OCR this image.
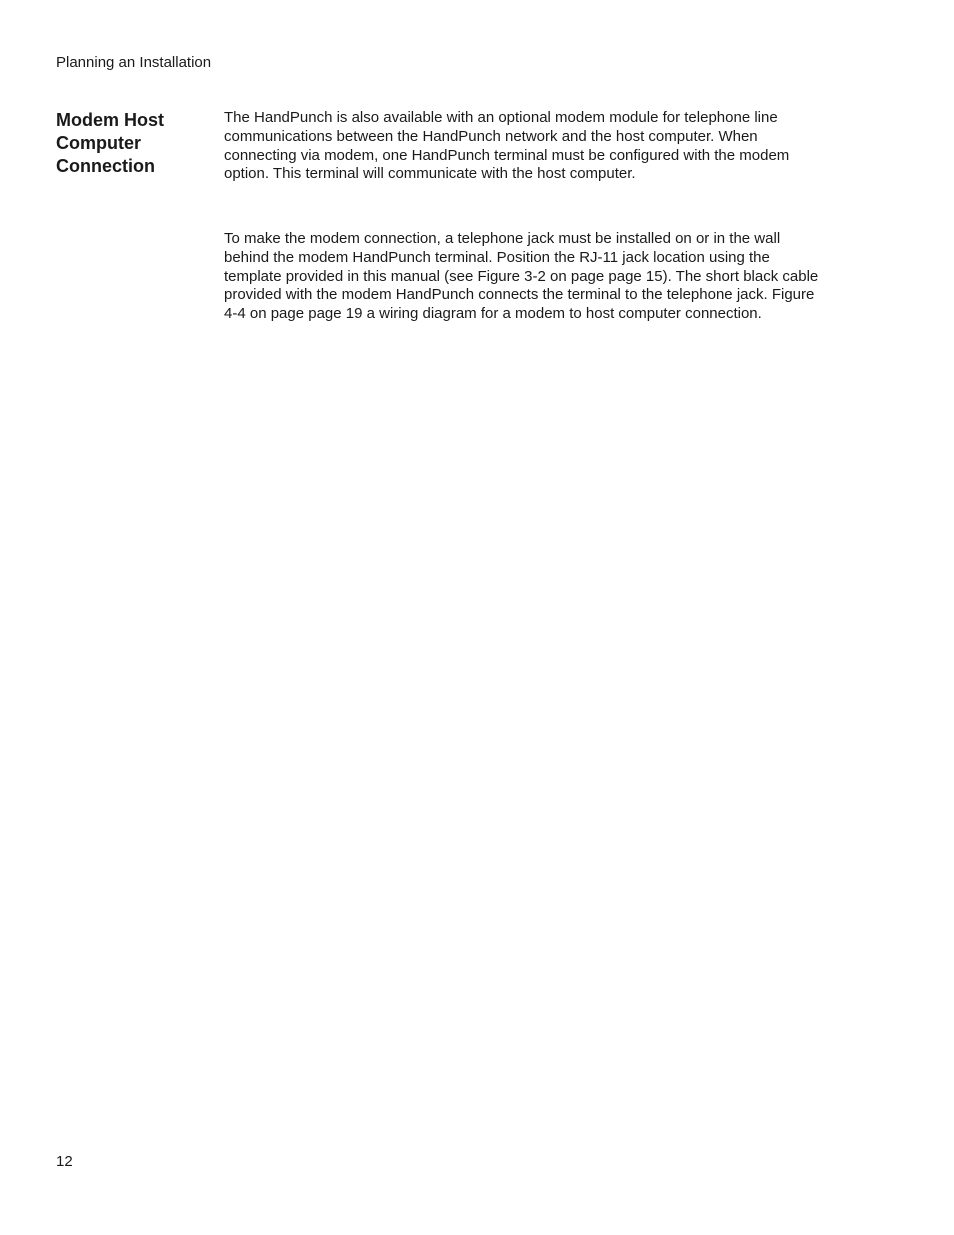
Planning an Installation
Modem Host
Computer
Connection
The HandPunch is also available with an optional modem module for telephone line
communications between the HandPunch network and the host computer. When
connecting via modem, one HandPunch terminal must be configured with the modem
option. This terminal will communicate with the host computer.
To make the modem connection, a telephone jack must be installed on or in the wall
behind the modem HandPunch terminal. Position the RJ-11 jack location using the
template provided in this manual (see Figure 3-2 on page page 15). The short black cable
provided with the modem HandPunch connects the terminal to the telephone jack. Figure
4-4 on page page 19 a wiring diagram for a modem to host computer connection.
12
